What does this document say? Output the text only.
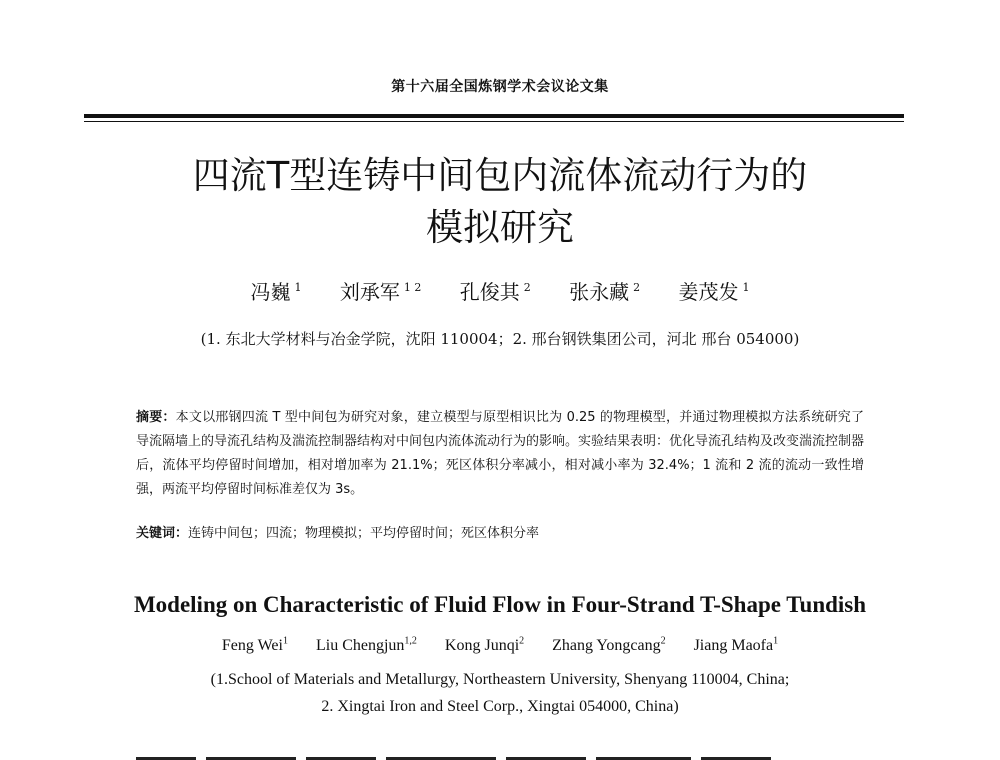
第十六届全国炼钢学术会议论文集
四流T型连铸中间包内流体流动行为的
模拟研究
冯巍 $^1$ 刘承军 $^{1 2}$ 孔俊其 $^2$ 张永藏 $^2$ 姜茂发 $^1$
(1. 东北大学材料与冶金学院，沈阳 110004；2. 邢台钢铁集团公司，河北 邢台 054000)
摘要：本文以邢钢四流 T 型中间包为研究对象，建立模型与原型相识比为 0.25 的物理模型，并通过物理模拟方法系统研究了导流隔墙上的导流孔结构及湍流控制器结构对中间包内流体流动行为的影响。实验结果表明：优化导流孔结构及改变湍流控制器后，流体平均停留时间增加，相对增加率为 21.1%；死区体积分率减小，相对减小率为 32.4%；1 流和 2 流的流动一致性增强，两流平均停留时间标准差仅为 3s。
关键词：连铸中间包；四流；物理模拟；平均停留时间；死区体积分率
Modeling on Characteristic of Fluid Flow in Four-Strand T-Shape Tundish
Feng Wei$^1$ Liu Chengjun$^{1,2}$ Kong Junqi$^2$ Zhang Yongcang$^2$ Jiang Maofa$^1$
(1.School of Materials and Metallurgy, Northeastern University, Shenyang 110004, China;
2. Xingtai Iron and Steel Corp., Xingtai 054000, China)
